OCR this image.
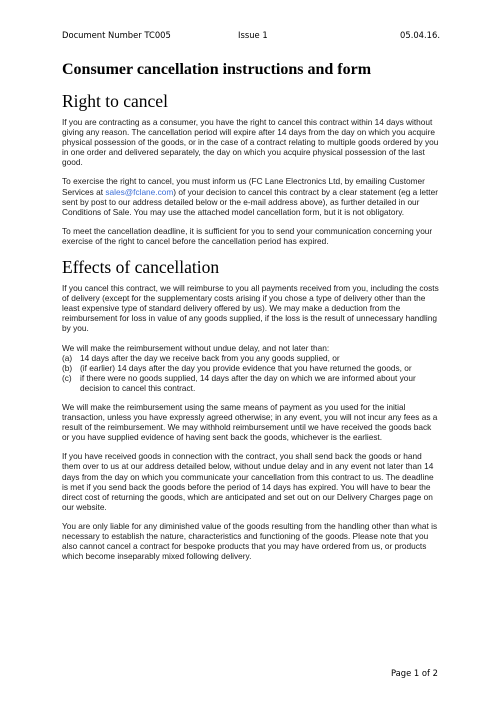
Document Number TC005	Issue 1	05.04.16.
Consumer cancellation instructions and form
Right to cancel

If you are contracting as a consumer, you have the right to cancel this contract within 14 days without giving any reason. The cancellation period will expire after 14 days from the day on which you acquire physical possession of the goods, or in the case of a contract relating to multiple goods ordered by you in one order and delivered separately, the day on which you acquire physical possession of the last good.

To exercise the right to cancel, you must inform us (FC Lane Electronics Ltd, by emailing Customer Services at sales@fclane.com) of your decision to cancel this contract by a clear statement (eg a letter sent by post to our address detailed below or the e-mail address above), as further detailed in our Conditions of Sale. You may use the attached model cancellation form, but it is not obligatory.

To meet the cancellation deadline, it is sufficient for you to send your communication concerning your exercise of the right to cancel before the cancellation period has expired.

Effects of cancellation

If you cancel this contract, we will reimburse to you all payments received from you, including the costs of delivery (except for the supplementary costs arising if you chose a type of delivery other than the least expensive type of standard delivery offered by us). We may make a deduction from the reimbursement for loss in value of any goods supplied, if the loss is the result of unnecessary handling by you.

We will make the reimbursement without undue delay, and not later than:

(a) 14 days after the day we receive back from you any goods supplied, or
(b) (if earlier) 14 days after the day you provide evidence that you have returned the goods, or
(c) if there were no goods supplied, 14 days after the day on which we are informed about your decision to cancel this contract.

We will make the reimbursement using the same means of payment as you used for the initial transaction, unless you have expressly agreed otherwise; in any event, you will not incur any fees as a result of the reimbursement. We may withhold reimbursement until we have received the goods back or you have supplied evidence of having sent back the goods, whichever is the earliest.

If you have received goods in connection with the contract, you shall send back the goods or hand them over to us at our address detailed below, without undue delay and in any event not later than 14 days from the day on which you communicate your cancellation from this contract to us. The deadline is met if you send back the goods before the period of 14 days has expired. You will have to bear the direct cost of returning the goods, which are anticipated and set out on our Delivery Charges page on our website.

You are only liable for any diminished value of the goods resulting from the handling other than what is necessary to establish the nature, characteristics and functioning of the goods. Please note that you also cannot cancel a contract for bespoke products that you may have ordered from us, or products which become inseparably mixed following delivery.

Page 1 of 2
